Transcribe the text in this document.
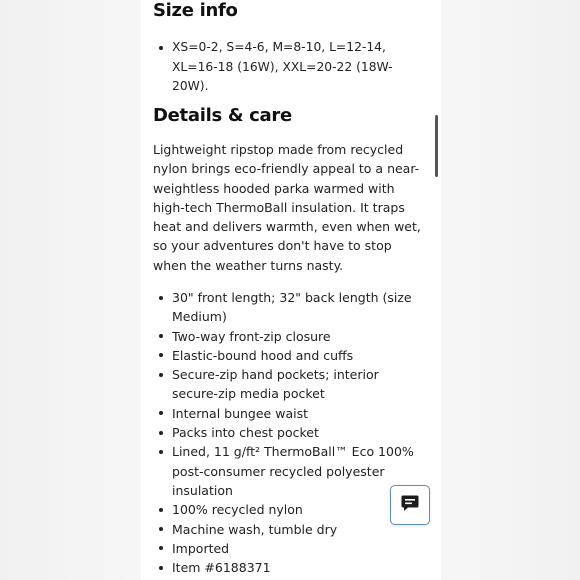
Size info
XS=0-2, S=4-6, M=8-10, L=12-14, XL=16-18 (16W), XXL=20-22 (18W-20W).
Details & care

Lightweight ripstop made from recycled nylon brings eco-friendly appeal to a near-weightless hooded parka warmed with high-tech ThermoBall insulation. It traps heat and delivers warmth, even when wet, so your adventures don't have to stop when the weather turns nasty.

30" front length; 32" back length (size Medium)
Two-way front-zip closure
Elastic-bound hood and cuffs
Secure-zip hand pockets; interior secure-zip media pocket
Internal bungee waist
Packs into chest pocket
Lined, 11 g/ft² ThermoBall™ Eco 100% post-consumer recycled polyester insulation
100% recycled nylon
Machine wash, tumble dry
Imported
Item #6188371
